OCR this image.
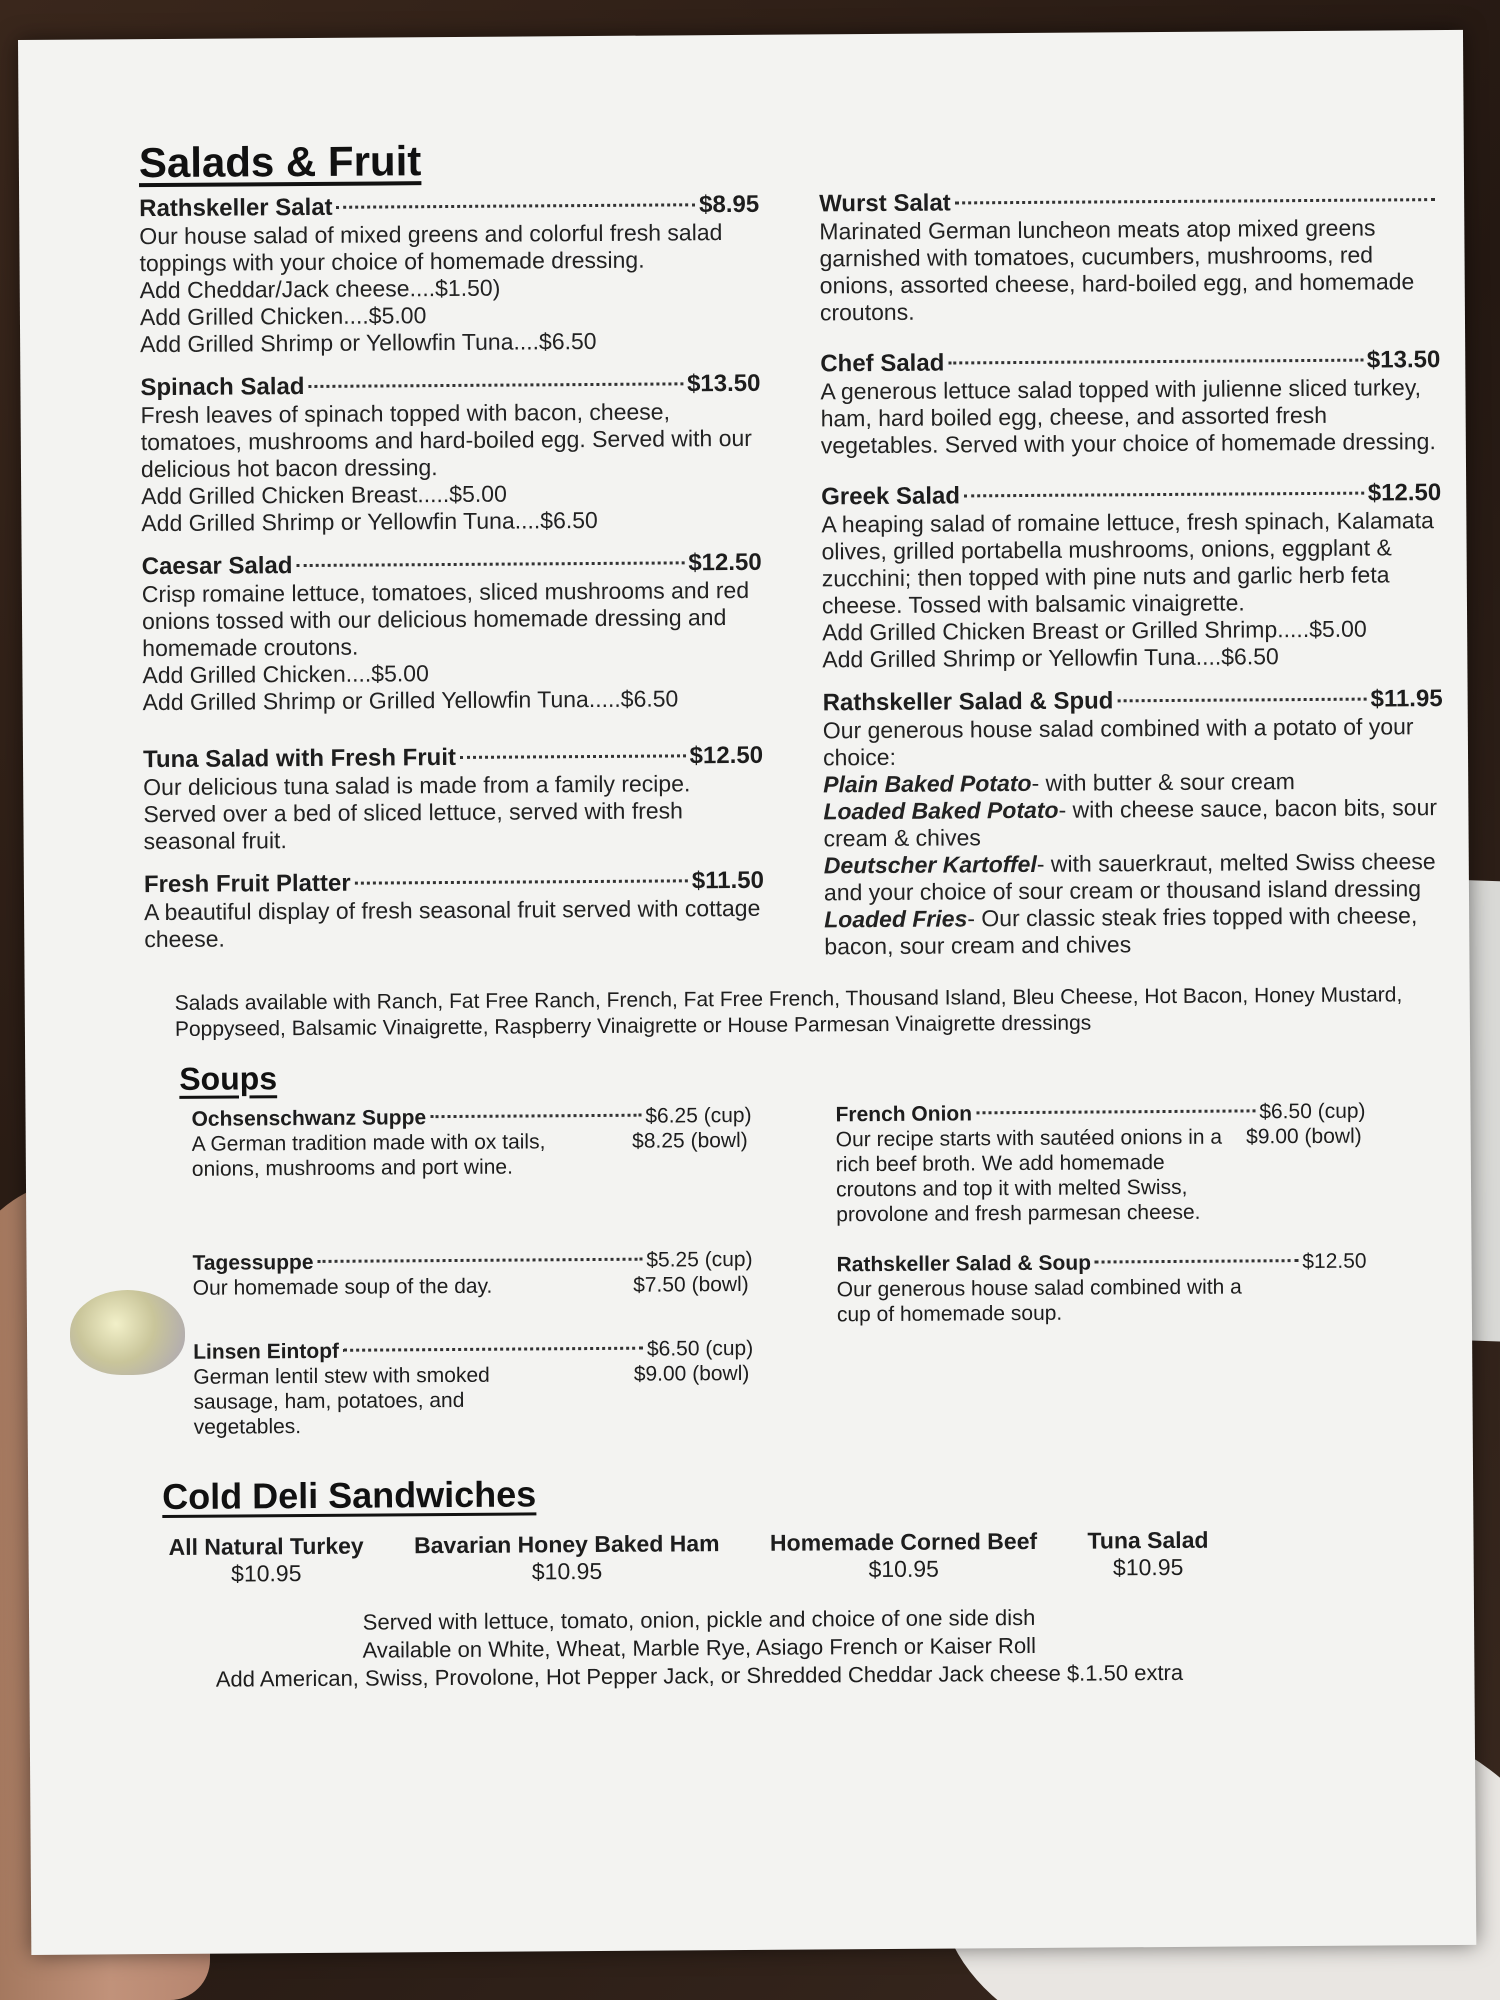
Salads & Fruit
Rathskeller Salat	$8.95
Our house salad of mixed greens and colorful fresh salad toppings with your choice of homemade dressing.
Add Cheddar/Jack cheese....$1.50)
Add Grilled Chicken....$5.00
Add Grilled Shrimp or Yellowfin Tuna....$6.50
Spinach Salad	$13.50
Fresh leaves of spinach topped with bacon, cheese, tomatoes, mushrooms and hard-boiled egg. Served with our delicious hot bacon dressing.
Add Grilled Chicken Breast.....$5.00
Add Grilled Shrimp or Yellowfin Tuna....$6.50
Caesar Salad	$12.50
Crisp romaine lettuce, tomatoes, sliced mushrooms and red onions tossed with our delicious homemade dressing and homemade croutons.
Add Grilled Chicken....$5.00
Add Grilled Shrimp or Grilled Yellowfin Tuna.....$6.50
Tuna Salad with Fresh Fruit	$12.50
Our delicious tuna salad is made from a family recipe. Served over a bed of sliced lettuce, served with fresh seasonal fruit.
Fresh Fruit Platter	$11.50
A beautiful display of fresh seasonal fruit served with cottage cheese.
Wurst Salat
Marinated German luncheon meats atop mixed greens garnished with tomatoes, cucumbers, mushrooms, red onions, assorted cheese, hard-boiled egg, and homemade croutons.
Chef Salad	$13.50
A generous lettuce salad topped with julienne sliced turkey, ham, hard boiled egg, cheese, and assorted fresh vegetables. Served with your choice of homemade dressing.
Greek Salad	$12.50
A heaping salad of romaine lettuce, fresh spinach, Kalamata olives, grilled portabella mushrooms, onions, eggplant & zucchini; then topped with pine nuts and garlic herb feta cheese. Tossed with balsamic vinaigrette.
Add Grilled Chicken Breast or Grilled Shrimp.....$5.00
Add Grilled Shrimp or Yellowfin Tuna....$6.50
Rathskeller Salad & Spud	$11.95
Our generous house salad combined with a potato of your choice:
Plain Baked Potato- with butter & sour cream
Loaded Baked Potato- with cheese sauce, bacon bits, sour cream & chives
Deutscher Kartoffel- with sauerkraut, melted Swiss cheese and your choice of sour cream or thousand island dressing
Loaded Fries- Our classic steak fries topped with cheese, bacon, sour cream and chives
Salads available with Ranch, Fat Free Ranch, French, Fat Free French, Thousand Island, Bleu Cheese, Hot Bacon, Honey Mustard, Poppyseed, Balsamic Vinaigrette, Raspberry Vinaigrette or House Parmesan Vinaigrette dressings
Soups
Ochsenschwanz Suppe	$6.25 (cup)
A German tradition made with ox tails, onions, mushrooms and port wine.
$8.25 (bowl)
Tagessuppe	$5.25 (cup)
Our homemade soup of the day.	$7.50 (bowl)
Linsen Eintopf	$6.50 (cup)
German lentil stew with smoked sausage, ham, potatoes, and vegetables.
$9.00 (bowl)
French Onion	$6.50 (cup)
Our recipe starts with sautéed onions in a rich beef broth. We add homemade croutons and top it with melted Swiss, provolone and fresh parmesan cheese.
$9.00 (bowl)
Rathskeller Salad & Soup	$12.50
Our generous house salad combined with a cup of homemade soup.
Cold Deli Sandwiches
All Natural Turkey
$10.95
Bavarian Honey Baked Ham
$10.95
Homemade Corned Beef
$10.95
Tuna Salad
$10.95
Served with lettuce, tomato, onion, pickle and choice of one side dish
Available on White, Wheat, Marble Rye, Asiago French or Kaiser Roll
Add American, Swiss, Provolone, Hot Pepper Jack, or Shredded Cheddar Jack cheese $.1.50 extra
